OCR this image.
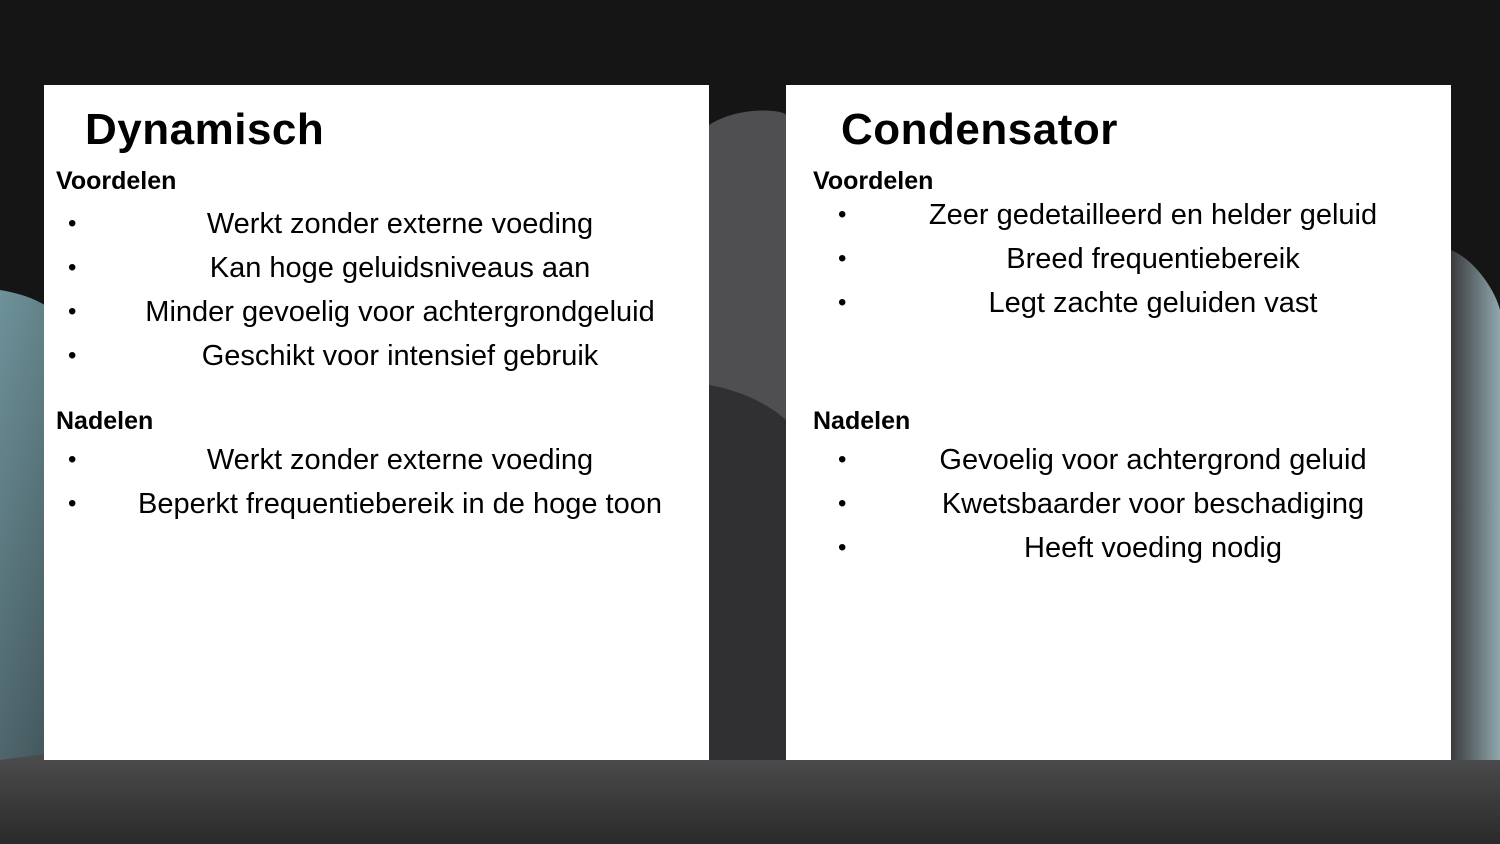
Dynamisch
Voordelen
•	Werkt zonder externe voeding
•	Kan hoge geluidsniveaus aan
•	Minder gevoelig voor achtergrondgeluid
•	Geschikt voor intensief gebruik
Nadelen
•	Werkt zonder externe voeding
•	Beperkt frequentiebereik in de hoge toon
Condensator
Voordelen
•	Zeer gedetailleerd en helder geluid
•	Breed frequentiebereik
•	Legt zachte geluiden vast
Nadelen
•	Gevoelig voor achtergrond geluid
•	Kwetsbaarder voor beschadiging
•	Heeft voeding nodig
